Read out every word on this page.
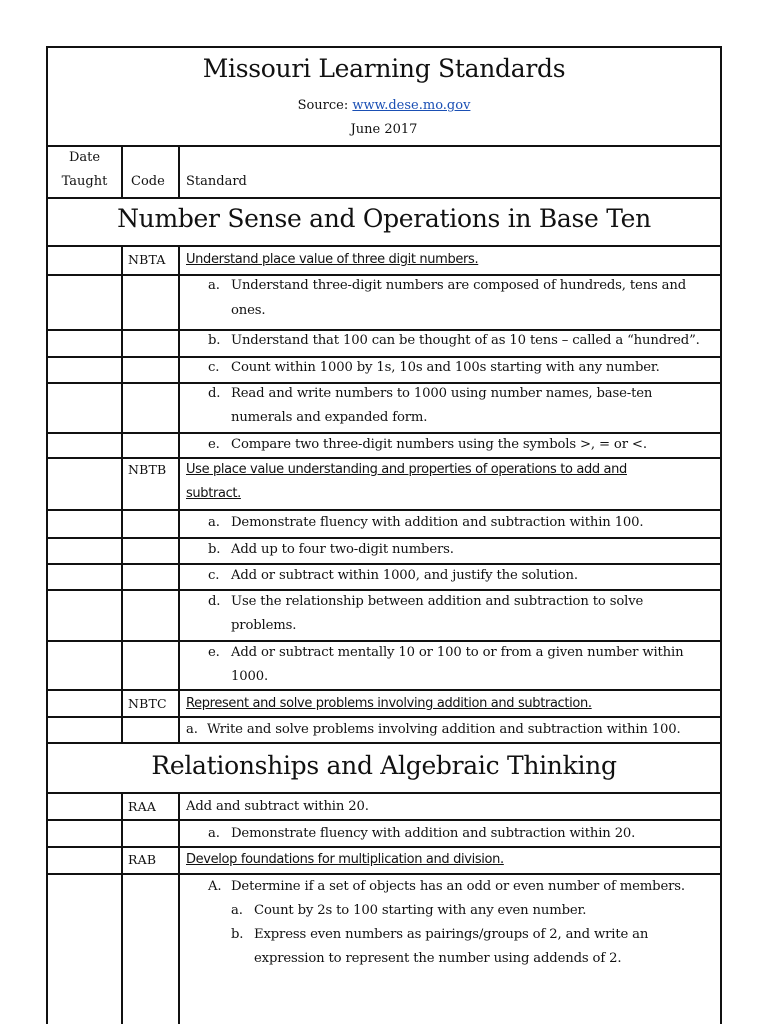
Missouri Learning Standards
Source: www.dese.mo.gov
June 2017
Date
Taught	Code Standard
Number Sense and Operations in Base Ten
NBTA Understand place value of three digit numbers.
a. Understand three-digit numbers are composed of hundreds, tens and
ones.
b. Understand that 100 can be thought of as 10 tens – called a “hundred”.
c. Count within 1000 by 1s, 10s and 100s starting with any number.
d. Read and write numbers to 1000 using number names, base-ten
numerals and expanded form.
e. Compare two three-digit numbers using the symbols >, = or <.
NBTB Use place value understanding and properties of operations to add and
subtract.
a. Demonstrate fluency with addition and subtraction within 100.
b. Add up to four two-digit numbers.
c. Add or subtract within 1000, and justify the solution.
d. Use the relationship between addition and subtraction to solve
problems.
e. Add or subtract mentally 10 or 100 to or from a given number within
1000.
NBTC Represent and solve problems involving addition and subtraction.
a. Write and solve problems involving addition and subtraction within 100.
Relationships and Algebraic Thinking
RAA Add and subtract within 20.
a. Demonstrate fluency with addition and subtraction within 20.
RAB Develop foundations for multiplication and division.
A. Determine if a set of objects has an odd or even number of members.
a. Count by 2s to 100 starting with any even number.
b. Express even numbers as pairings/groups of 2, and write an
expression to represent the number using addends of 2.
